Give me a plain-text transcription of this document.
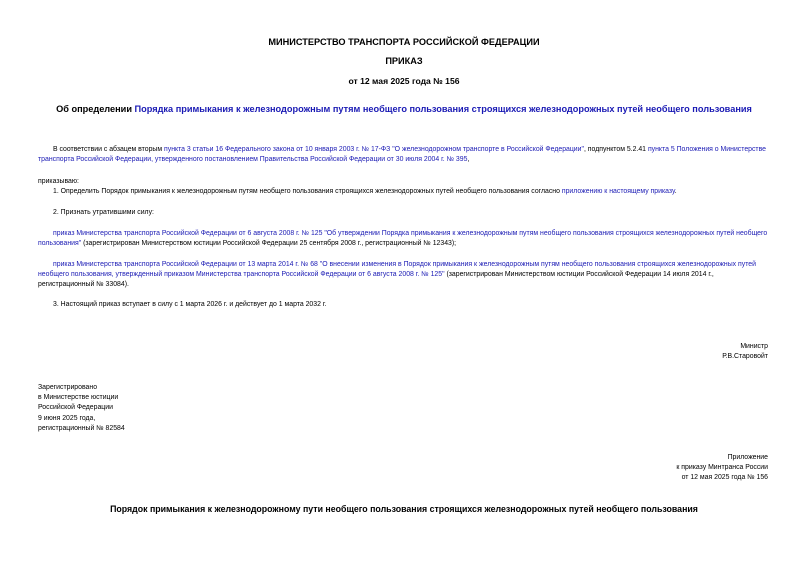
МИНИСТЕРСТВО ТРАНСПОРТА РОССИЙСКОЙ ФЕДЕРАЦИИ
ПРИКАЗ
от 12 мая 2025 года № 156
Об определении Порядка примыкания к железнодорожным путям необщего пользования строящихся железнодорожных путей необщего пользования
В соответствии с абзацем вторым пункта 3 статьи 16 Федерального закона от 10 января 2003 г. № 17-ФЗ "О железнодорожном транспорте в Российской Федерации", подпунктом 5.2.41 пункта 5 Положения о Министерстве транспорта Российской Федерации, утвержденного постановлением Правительства Российской Федерации от 30 июля 2004 г. № 395,
приказываю:
1. Определить Порядок примыкания к железнодорожным путям необщего пользования строящихся железнодорожных путей необщего пользования согласно приложению к настоящему приказу.
2. Признать утратившими силу:
приказ Министерства транспорта Российской Федерации от 6 августа 2008 г. № 125 "Об утверждении Порядка примыкания к железнодорожным путям необщего пользования строящихся железнодорожных путей необщего пользования" (зарегистрирован Министерством юстиции Российской Федерации 25 сентября 2008 г., регистрационный № 12343);
приказ Министерства транспорта Российской Федерации от 13 марта 2014 г. № 68 "О внесении изменения в Порядок примыкания к железнодорожным путям необщего пользования строящихся железнодорожных путей необщего пользования, утвержденный приказом Министерства транспорта Российской Федерации от 6 августа 2008 г. № 125" (зарегистрирован Министерством юстиции Российской Федерации 14 июля 2014 г., регистрационный № 33084).
3. Настоящий приказ вступает в силу с 1 марта 2026 г. и действует до 1 марта 2032 г.
Министр
Р.В.Старовойт
Зарегистрировано
в Министерстве юстиции
Российской Федерации
9 июня 2025 года,
регистрационный № 82584
Приложение
к приказу Минтранса России
от 12 мая 2025 года № 156
Порядок примыкания к железнодорожному пути необщего пользования строящихся железнодорожных путей необщего пользования
